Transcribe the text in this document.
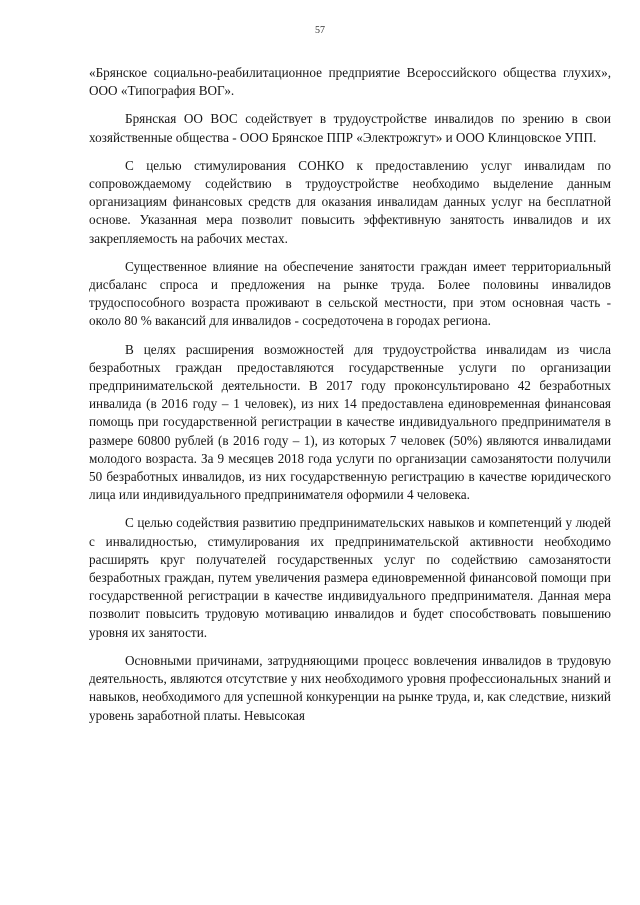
57

«Брянское социально-реабилитационное предприятие Всероссийского общества глухих», ООО «Типография ВОГ».

Брянская ОО ВОС содействует в трудоустройстве инвалидов по зрению в свои хозяйственные общества - ООО Брянское ППР «Электрожгут» и ООО Клинцовское УПП.

С целью стимулирования СОНКО к предоставлению услуг инвалидам по сопровождаемому содействию в трудоустройстве необходимо выделение данным организациям финансовых средств для оказания инвалидам данных услуг на бесплатной основе. Указанная мера позволит повысить эффективную занятость инвалидов и их закрепляемость на рабочих местах.

Существенное влияние на обеспечение занятости граждан имеет территориальный дисбаланс спроса и предложения на рынке труда. Более половины инвалидов трудоспособного возраста проживают в сельской местности, при этом основная часть - около 80 % вакансий для инвалидов - сосредоточена в городах региона.

В целях расширения возможностей для трудоустройства инвалидам из числа безработных граждан предоставляются государственные услуги по организации предпринимательской деятельности. В 2017 году проконсультировано 42 безработных инвалида (в 2016 году – 1 человек), из них 14 предоставлена единовременная финансовая помощь при государственной регистрации в качестве индивидуального предпринимателя в размере 60800 рублей (в 2016 году – 1), из которых 7 человек (50%) являются инвалидами молодого возраста. За 9 месяцев 2018 года услуги по организации самозанятости получили 50 безработных инвалидов, из них государственную регистрацию в качестве юридического лица или индивидуального предпринимателя оформили 4 человека.

С целью содействия развитию предпринимательских навыков и компетенций у людей с инвалидностью, стимулирования их предпринимательской активности необходимо расширять круг получателей государственных услуг по содействию самозанятости безработных граждан, путем увеличения размера единовременной финансовой помощи при государственной регистрации в качестве индивидуального предпринимателя. Данная мера позволит повысить трудовую мотивацию инвалидов и будет способствовать повышению уровня их занятости.

Основными причинами, затрудняющими процесс вовлечения инвалидов в трудовую деятельность, являются отсутствие у них необходимого уровня профессиональных знаний и навыков, необходимого для успешной конкуренции на рынке труда, и, как следствие, низкий уровень заработной платы. Невысокая
